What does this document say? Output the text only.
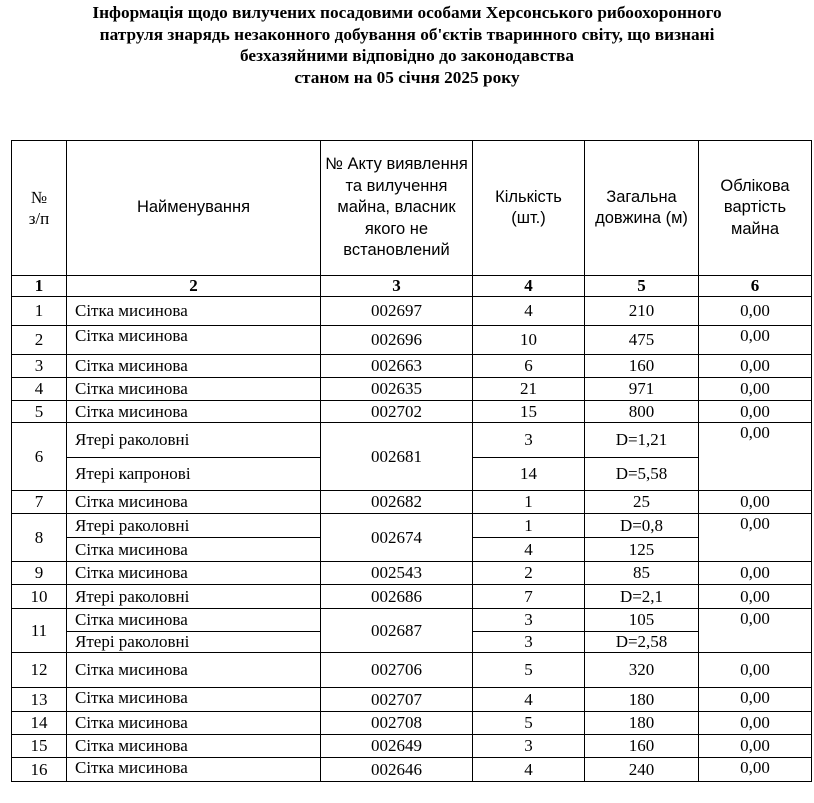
Інформація щодо вилучених посадовими особами Херсонського рибоохоронного
патруля знарядь незаконного добування об'єктів тваринного світу, що визнані
безхазяйними відповідно до законодавства
станом на 05 січня 2025 року
№
з/п	Найменування	№ Акту виявлення та вилучення майна, власник якого не встановлений	Кількість (шт.)	Загальна довжина (м)	Облікова вартість майна
1	2	3	4	5	6
1	Сітка мисинова	002697	4	210	0,00
2	Сітка мисинова	002696	10	475	0,00
3	Сітка мисинова	002663	6	160	0,00
4	Сітка мисинова	002635	21	971	0,00
5	Сітка мисинова	002702	15	800	0,00
6	Ятері раколовні	002681	3	D=1,21	0,00
	Ятері капронові		14	D=5,58	
7	Сітка мисинова	002682	1	25	0,00
8	Ятері раколовні	002674	1	D=0,8	0,00
	Сітка мисинова		4	125	
9	Сітка мисинова	002543	2	85	0,00
10	Ятері раколовні	002686	7	D=2,1	0,00
11	Сітка мисинова	002687	3	105	0,00
	Ятері раколовні		3	D=2,58	
12	Сітка мисинова	002706	5	320	0,00
13	Сітка мисинова	002707	4	180	0,00
14	Сітка мисинова	002708	5	180	0,00
15	Сітка мисинова	002649	3	160	0,00
16	Сітка мисинова	002646	4	240	0,00
